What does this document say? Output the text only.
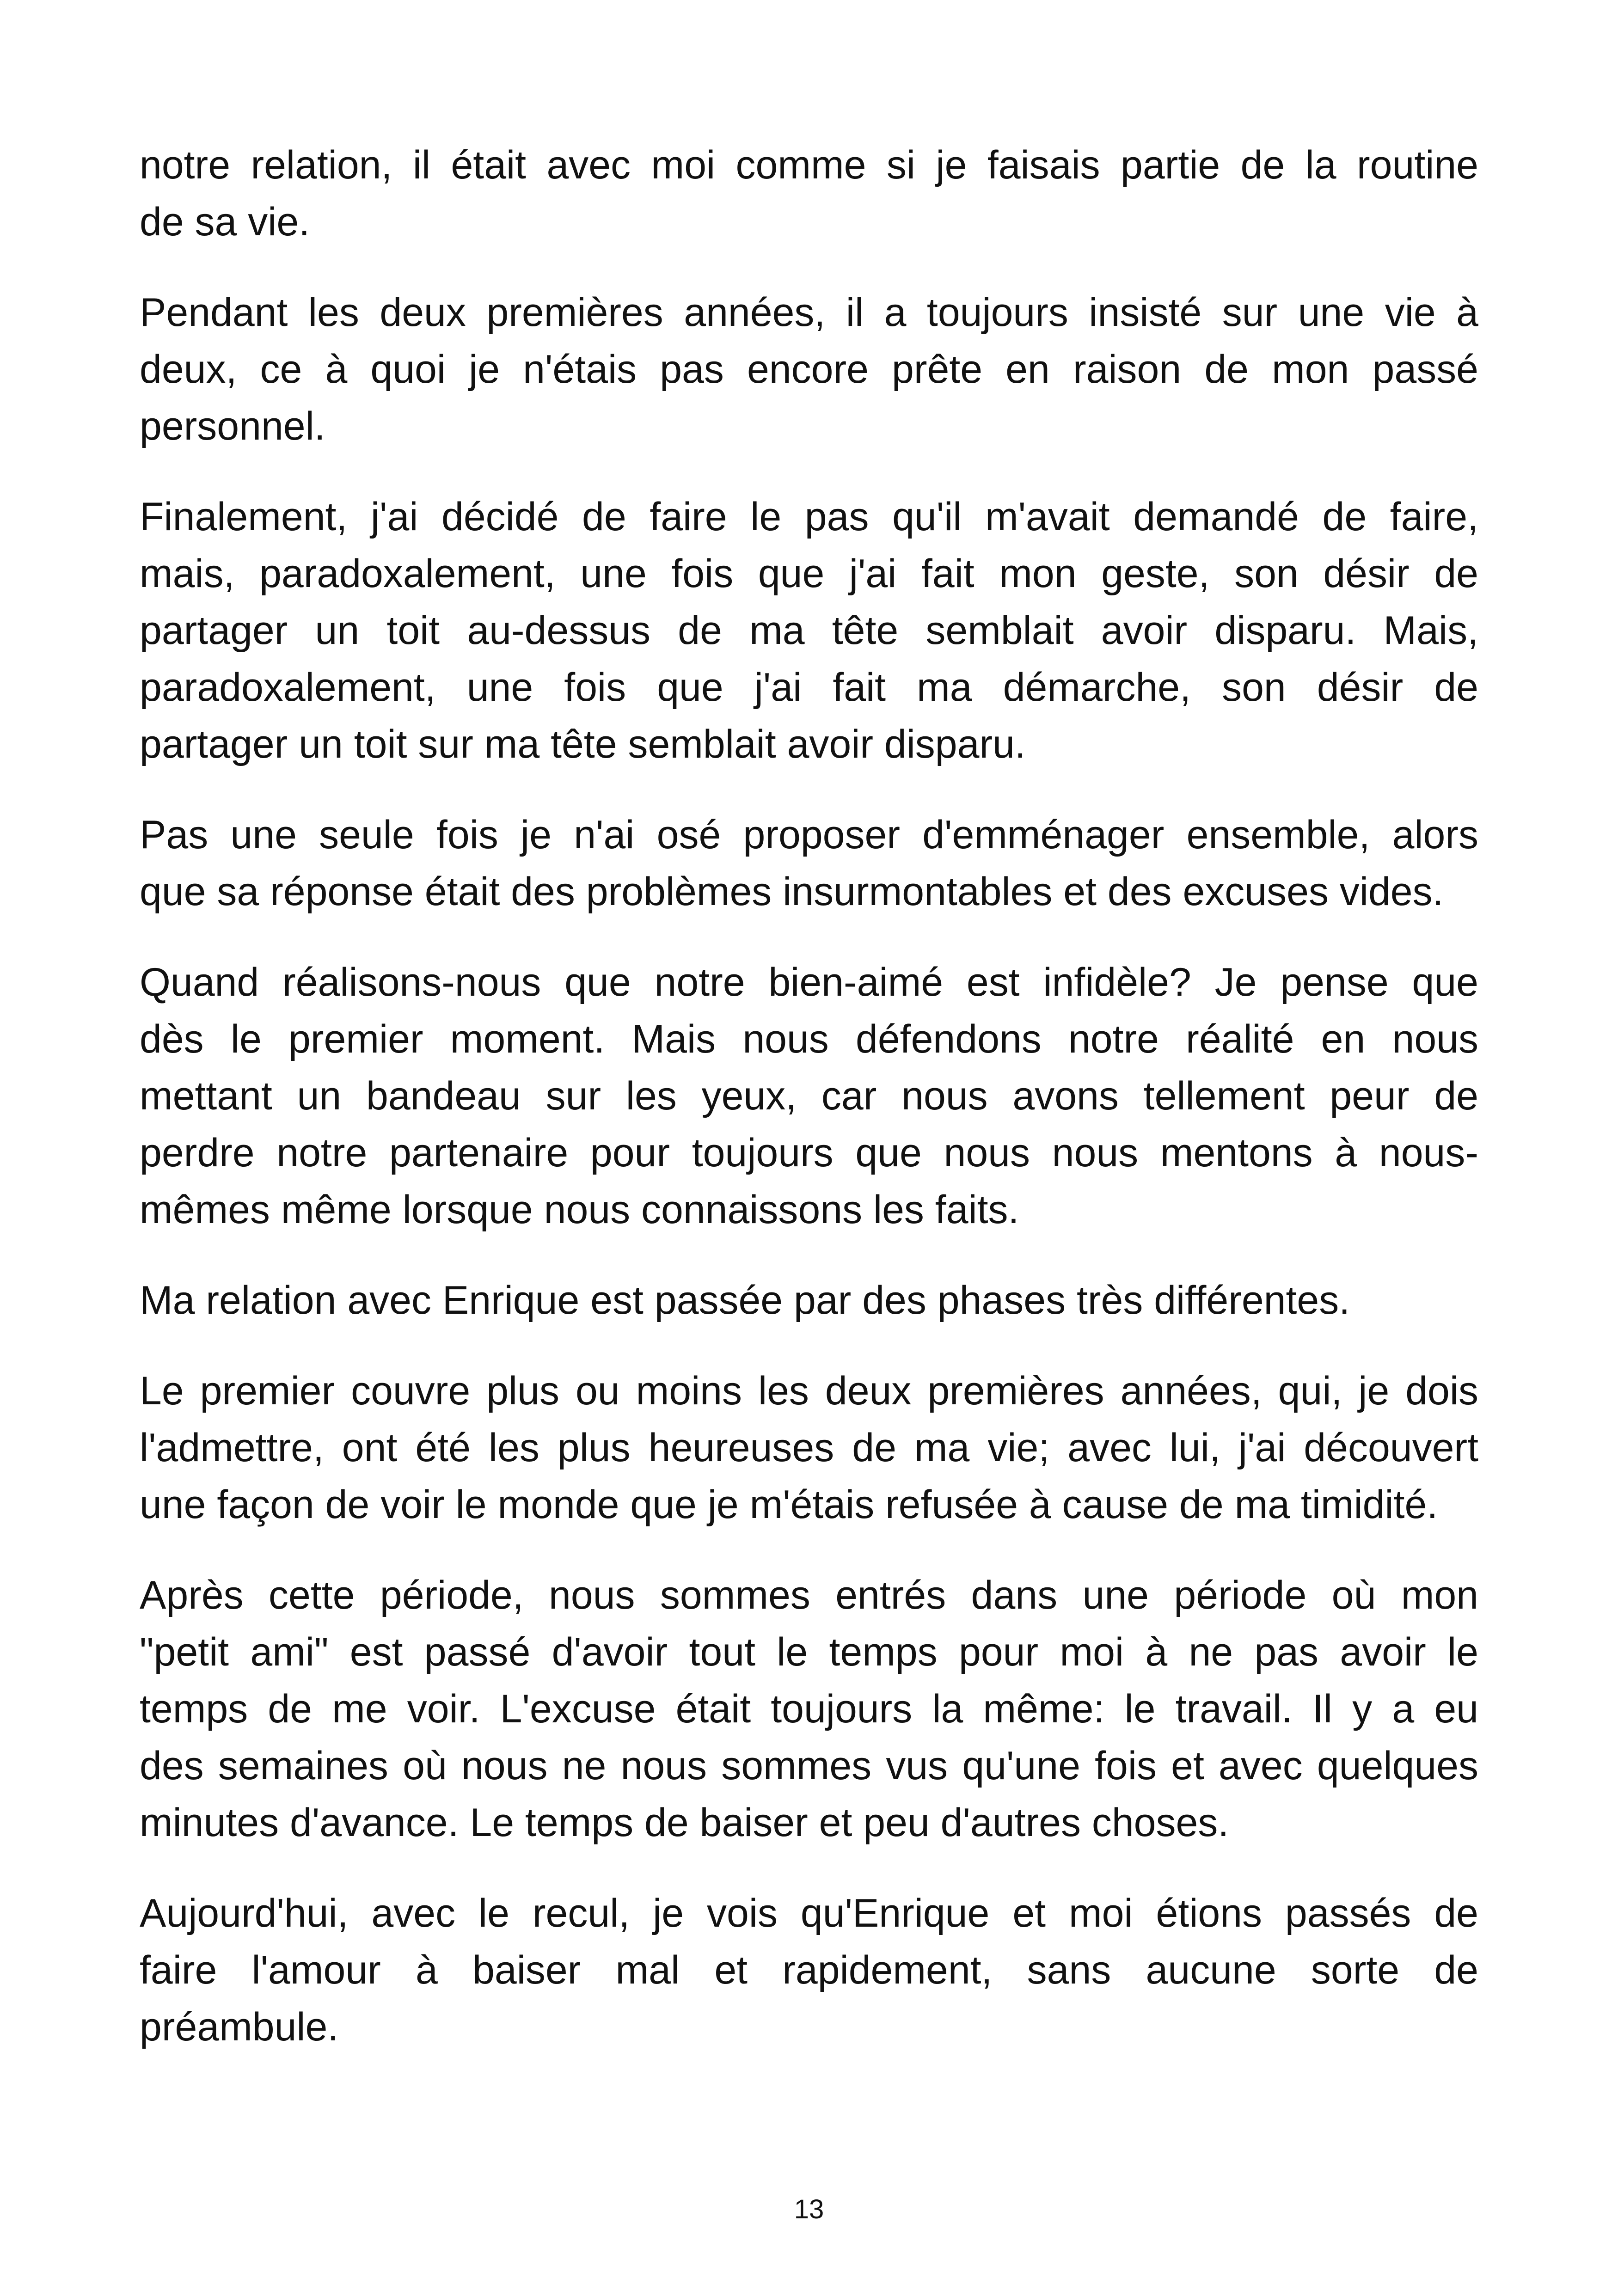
notre relation, il était avec moi comme si je faisais partie de la routine
de sa vie.

Pendant les deux premières années, il a toujours insisté sur une vie à
deux, ce à quoi je n'étais pas encore prête en raison de mon passé
personnel.

Finalement, j'ai décidé de faire le pas qu'il m'avait demandé de faire,
mais, paradoxalement, une fois que j'ai fait mon geste, son désir de
partager un toit au-dessus de ma tête semblait avoir disparu. Mais,
paradoxalement, une fois que j'ai fait ma démarche, son désir de
partager un toit sur ma tête semblait avoir disparu.

Pas une seule fois je n'ai osé proposer d'emménager ensemble, alors
que sa réponse était des problèmes insurmontables et des excuses vides.

Quand réalisons-nous que notre bien-aimé est infidèle? Je pense que
dès le premier moment. Mais nous défendons notre réalité en nous
mettant un bandeau sur les yeux, car nous avons tellement peur de
perdre notre partenaire pour toujours que nous nous mentons à nous-
mêmes même lorsque nous connaissons les faits.

Ma relation avec Enrique est passée par des phases très différentes.

Le premier couvre plus ou moins les deux premières années, qui, je dois
l'admettre, ont été les plus heureuses de ma vie; avec lui, j'ai découvert
une façon de voir le monde que je m'étais refusée à cause de ma timidité.

Après cette période, nous sommes entrés dans une période où mon
"petit ami" est passé d'avoir tout le temps pour moi à ne pas avoir le
temps de me voir. L'excuse était toujours la même: le travail. Il y a eu
des semaines où nous ne nous sommes vus qu'une fois et avec quelques
minutes d'avance. Le temps de baiser et peu d'autres choses.

Aujourd'hui, avec le recul, je vois qu'Enrique et moi étions passés de
faire l'amour à baiser mal et rapidement, sans aucune sorte de
préambule.

13
